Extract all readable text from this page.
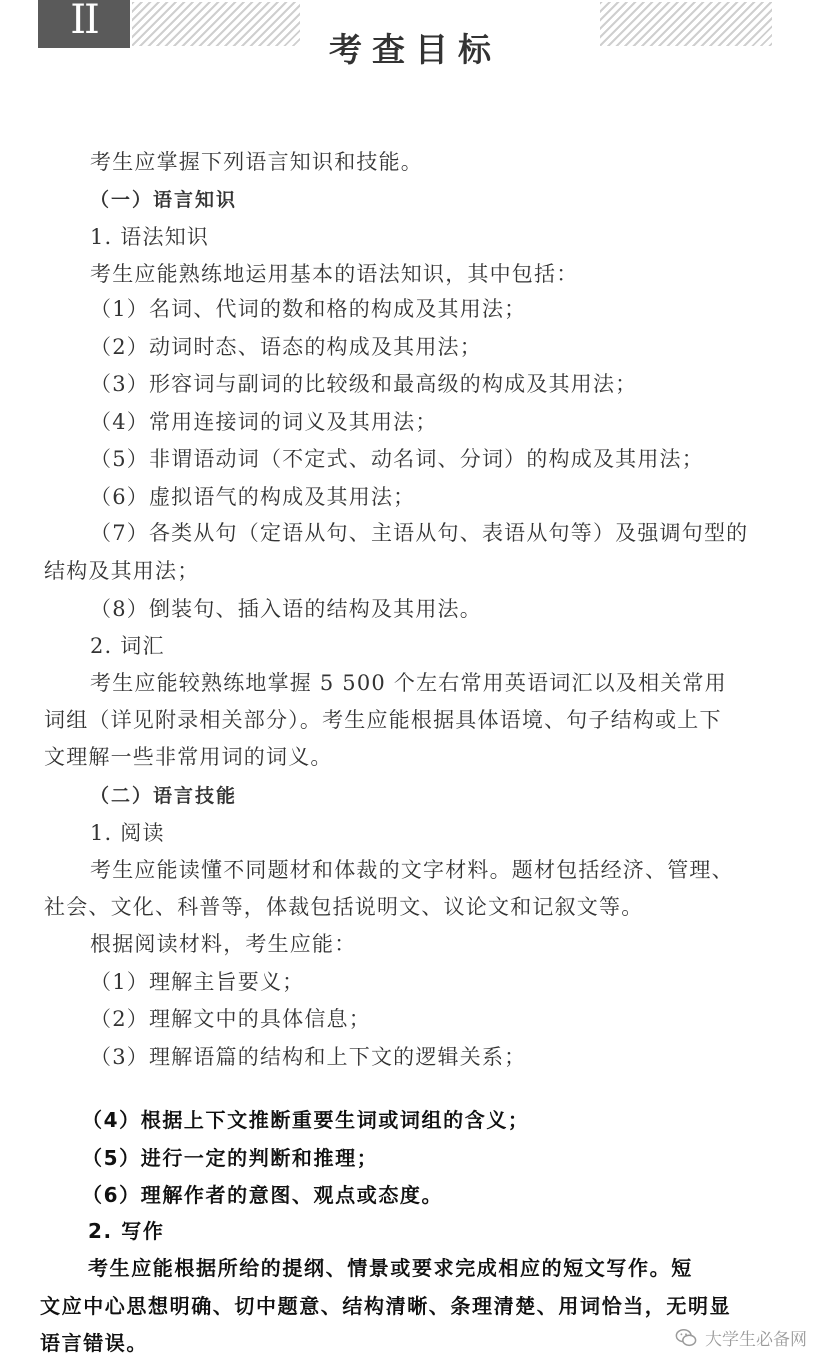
II
考查目标

考生应掌握下列语言知识和技能。

（一）语言知识

1. 语法知识

考生应能熟练地运用基本的语法知识，其中包括：

（1）名词、代词的数和格的构成及其用法；

（2）动词时态、语态的构成及其用法；

（3）形容词与副词的比较级和最高级的构成及其用法；

（4）常用连接词的词义及其用法；

（5）非谓语动词（不定式、动名词、分词）的构成及其用法；

（6）虚拟语气的构成及其用法；

（7）各类从句（定语从句、主语从句、表语从句等）及强调句型的

结构及其用法；

（8）倒装句、插入语的结构及其用法。

2. 词汇

考生应能较熟练地掌握 5 500 个左右常用英语词汇以及相关常用

词组（详见附录相关部分）。考生应能根据具体语境、句子结构或上下

文理解一些非常用词的词义。

（二）语言技能

1. 阅读

考生应能读懂不同题材和体裁的文字材料。题材包括经济、管理、

社会、文化、科普等，体裁包括说明文、议论文和记叙文等。

根据阅读材料，考生应能：

（1）理解主旨要义；

（2）理解文中的具体信息；

（3）理解语篇的结构和上下文的逻辑关系；

（4）根据上下文推断重要生词或词组的含义；

（5）进行一定的判断和推理；

（6）理解作者的意图、观点或态度。

2. 写作

考生应能根据所给的提纲、情景或要求完成相应的短文写作。短

文应中心思想明确、切中题意、结构清晰、条理清楚、用词恰当，无明显

语言错误。	大学生必备网
